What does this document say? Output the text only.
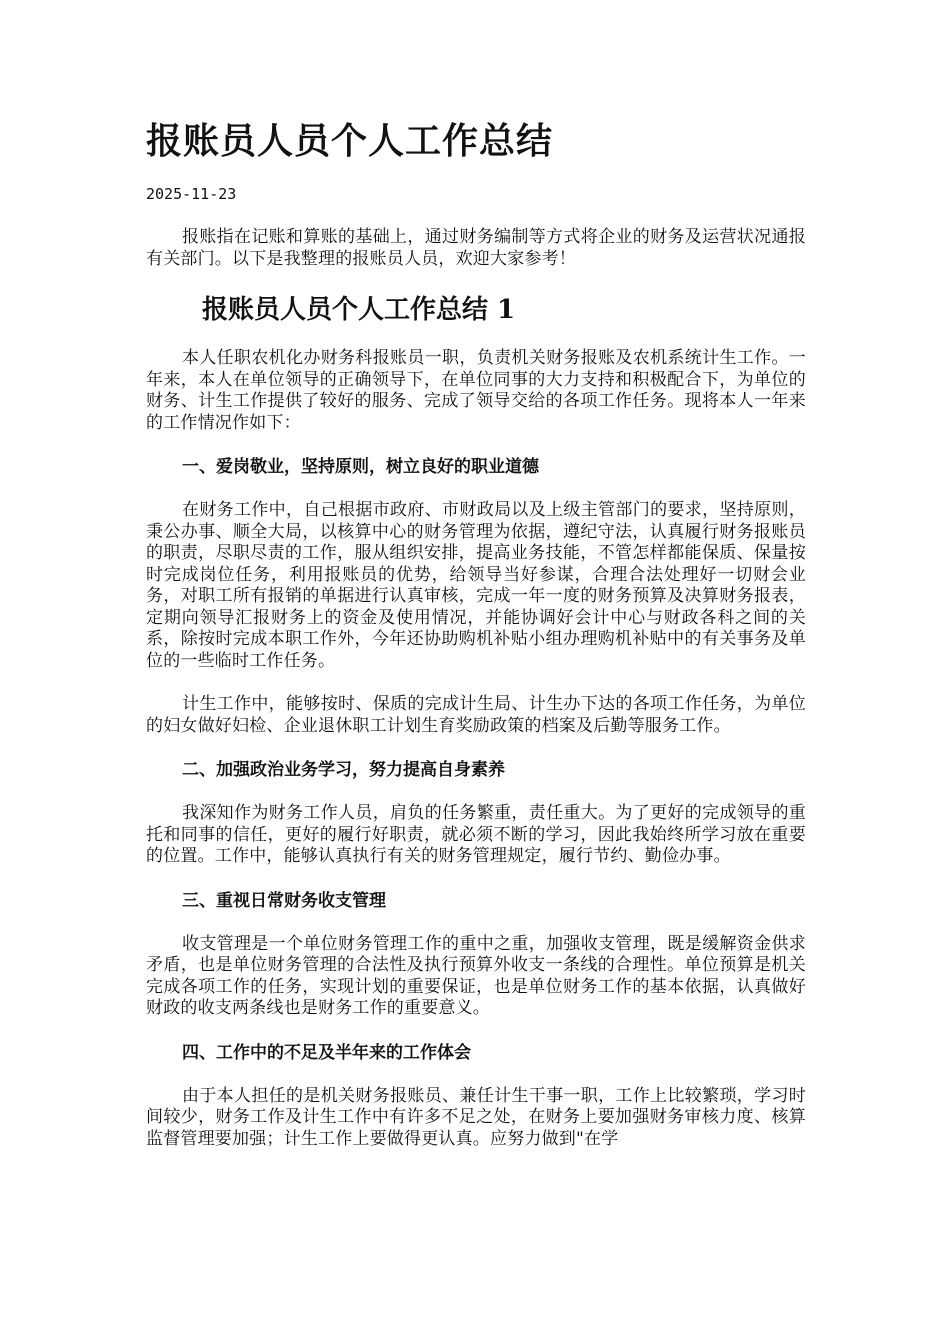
报账员人员个人工作总结
2025-11-23

报账指在记账和算账的基础上，通过财务编制等方式将企业的财务及运营状况通报有关部门。以下是我整理的报账员人员，欢迎大家参考！

报账员人员个人工作总结 1

本人任职农机化办财务科报账员一职，负责机关财务报账及农机系统计生工作。一年来，本人在单位领导的正确领导下，在单位同事的大力支持和积极配合下，为单位的财务、计生工作提供了较好的服务、完成了领导交给的各项工作任务。现将本人一年来的工作情况作如下：

一、爱岗敬业，坚持原则，树立良好的职业道德

在财务工作中，自己根据市政府、市财政局以及上级主管部门的要求，坚持原则，秉公办事、顺全大局，以核算中心的财务管理为依据，遵纪守法，认真履行财务报账员的职责，尽职尽责的工作，服从组织安排，提高业务技能，不管怎样都能保质、保量按时完成岗位任务，利用报账员的优势，给领导当好参谋，合理合法处理好一切财会业务，对职工所有报销的单据进行认真审核，完成一年一度的财务预算及决算财务报表，定期向领导汇报财务上的资金及使用情况，并能协调好会计中心与财政各科之间的关系，除按时完成本职工作外，今年还协助购机补贴小组办理购机补贴中的有关事务及单位的一些临时工作任务。

计生工作中，能够按时、保质的完成计生局、计生办下达的各项工作任务，为单位的妇女做好妇检、企业退休职工计划生育奖励政策的档案及后勤等服务工作。

二、加强政治业务学习，努力提高自身素养

我深知作为财务工作人员，肩负的任务繁重，责任重大。为了更好的完成领导的重托和同事的信任，更好的履行好职责，就必须不断的学习，因此我始终所学习放在重要的位置。工作中，能够认真执行有关的财务管理规定，履行节约、勤俭办事。

三、重视日常财务收支管理

收支管理是一个单位财务管理工作的重中之重，加强收支管理，既是缓解资金供求矛盾，也是单位财务管理的合法性及执行预算外收支一条线的合理性。单位预算是机关完成各项工作的任务，实现计划的重要保证，也是单位财务工作的基本依据，认真做好财政的收支两条线也是财务工作的重要意义。

四、工作中的不足及半年来的工作体会

由于本人担任的是机关财务报账员、兼任计生干事一职，工作上比较繁琐，学习时间较少，财务工作及计生工作中有许多不足之处，在财务上要加强财务审核力度、核算监督管理要加强；计生工作上要做得更认真。应努力做到"在学
